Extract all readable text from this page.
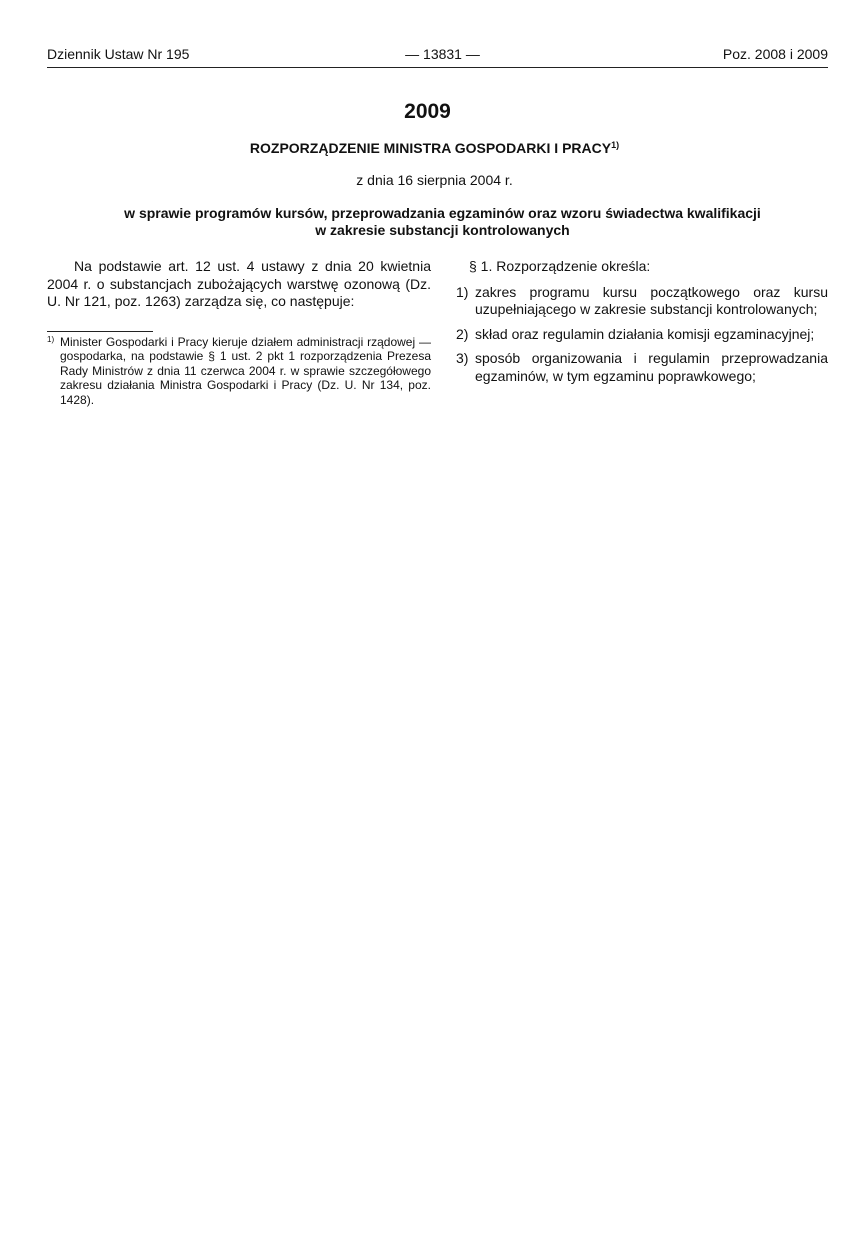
Dziennik Ustaw Nr 195	— 13831 —	Poz. 2008 i 2009
2009
ROZPORZĄDZENIE MINISTRA GOSPODARKI I PRACY$^{1)}$
z dnia 16 sierpnia 2004 r.
w sprawie programów kursów, przeprowadzania egzaminów oraz wzoru świadectwa kwalifikacji
w zakresie substancji kontrolowanych

Na podstawie art. 12 ust. 4 ustawy z dnia 20 kwietnia 2004 r. o substancjach zubożających warstwę ozonową (Dz. U. Nr 121, poz. 1263) zarządza się, co następuje:

1) Minister Gospodarki i Pracy kieruje działem administracji rządowej — gospodarka, na podstawie § 1 ust. 2 pkt 1 rozporządzenia Prezesa Rady Ministrów z dnia 11 czerwca 2004 r. w sprawie szczegółowego zakresu działania Ministra Gospodarki i Pracy (Dz. U. Nr 134, poz. 1428).

§ 1. Rozporządzenie określa:

1) zakres programu kursu początkowego oraz kursu uzupełniającego w zakresie substancji kontrolowanych;
2) skład oraz regulamin działania komisji egzaminacyjnej;
3) sposób organizowania i regulamin przeprowadzania egzaminów, w tym egzaminu poprawkowego;
